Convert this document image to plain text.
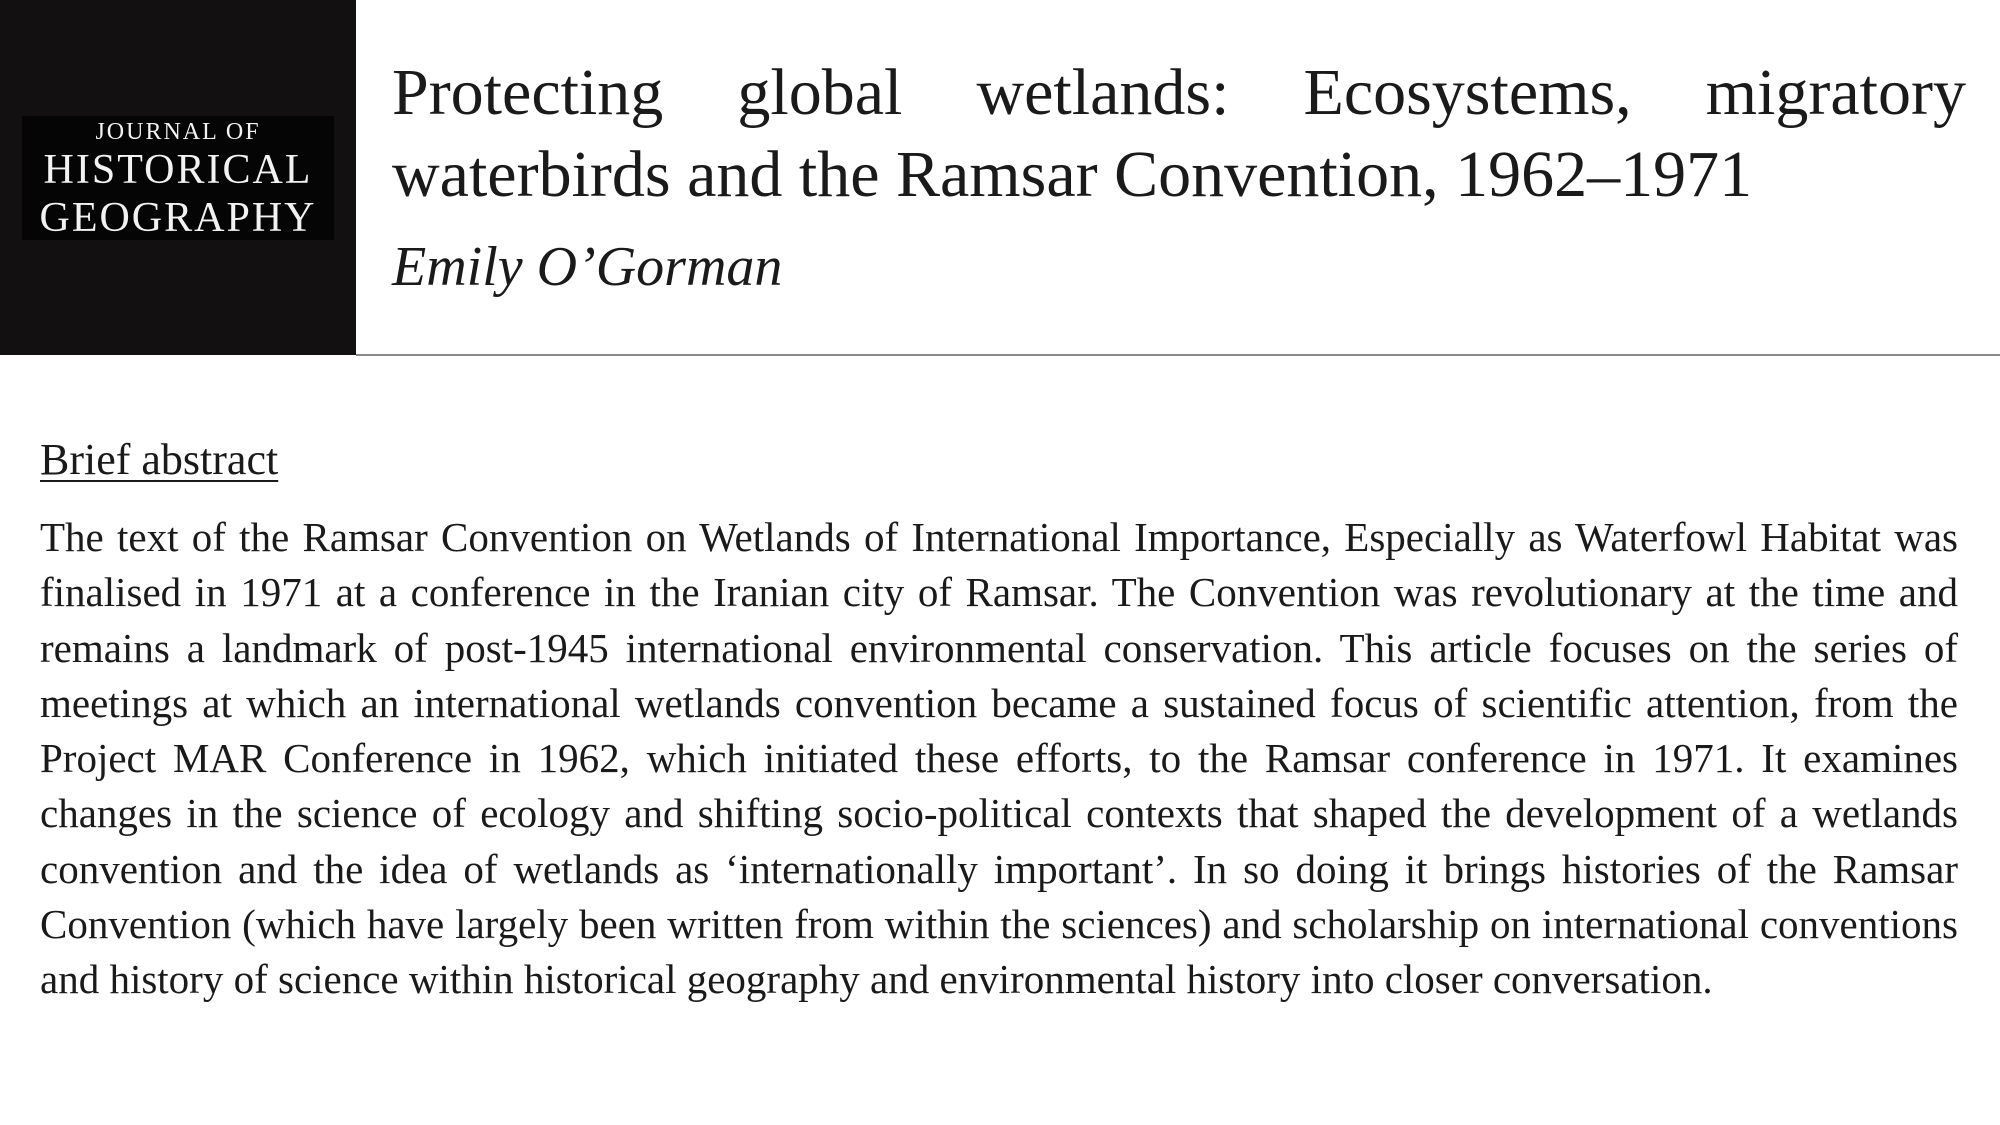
JOURNAL OF
HISTORICAL
GEOGRAPHY
Protecting global wetlands: Ecosystems, migratory waterbirds and the Ramsar Convention, 1962–1971

Emily O’Gorman

Brief abstract

The text of the Ramsar Convention on Wetlands of International Importance, Especially as Waterfowl Habitat was finalised in 1971 at a conference in the Iranian city of Ramsar. The Convention was revolutionary at the time and remains a landmark of post-1945 international environmental conservation. This article focuses on the series of meetings at which an international wetlands convention became a sustained focus of scientific attention, from the Project MAR Conference in 1962, which initiated these efforts, to the Ramsar conference in 1971. It examines changes in the science of ecology and shifting socio-political contexts that shaped the development of a wetlands convention and the idea of wetlands as ‘internationally important’. In so doing it brings histories of the Ramsar Convention (which have largely been written from within the sciences) and scholarship on international conventions and history of science within historical geography and environmental history into closer conversation.
